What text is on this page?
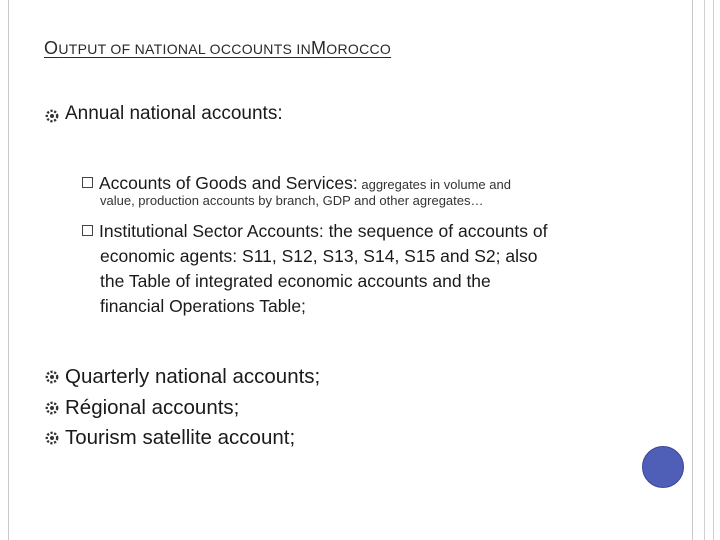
OUTPUT OF NATIONAL OCCOUNTS INMOROCCO
Annual national accounts:
Accounts of Goods and Services: aggregates in volume and
value, production accounts by branch, GDP and other agregates…
Institutional Sector Accounts: the sequence of accounts of
economic agents: S11, S12, S13, S14, S15 and S2; also
the Table of integrated economic accounts and the
financial Operations Table;
Quarterly national accounts;
Régional accounts;
Tourism satellite account;
